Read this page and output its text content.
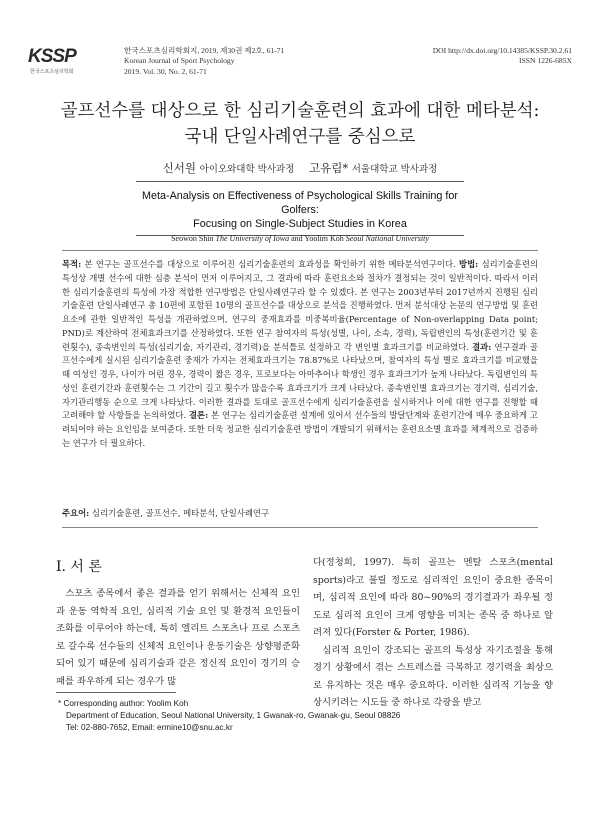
KSSP
한국스포츠심리학회
한국스포츠심리학회지, 2019, 제30권 제2호, 61-71
Korean Journal of Sport Psychology
2019. Vol. 30, No. 2, 61-71
DOI http://dx.doi.org/10.14385/KSSP.30.2.61
ISSN 1226-685X
골프선수를 대상으로 한 심리기술훈련의 효과에 대한 메타분석:
국내 단일사례연구를 중심으로
신서원 아이오와대학 박사과정 고유림* 서울대학교 박사과정
Meta-Analysis on Effectiveness of Psychological Skills Training for Golfers:
Focusing on Single-Subject Studies in Korea
Seowon Shin The University of Iowa and Yoolim Koh Seoul National University
목적: 본 연구는 골프선수를 대상으로 이루어진 심리기술훈련의 효과성을 확인하기 위한 메타분석연구이다. 방법: 심리기술훈련의 특성상 개별 선수에 대한 심층 분석이 먼저 이루어지고, 그 결과에 따라 훈련요소와 절차가 결정되는 것이 일반적이다. 따라서 이러한 심리기술훈련의 특성에 가장 적합한 연구방법은 단일사례연구라 할 수 있겠다. 본 연구는 2003년부터 2017년까지 진행된 심리기술훈련 단일사례연구 총 10편에 포함된 10명의 골프선수를 대상으로 분석을 진행하였다. 먼저 분석대상 논문의 연구방법 및 훈련요소에 관한 일반적인 특성을 개관하였으며, 연구의 중재효과를 비중복비율(Percentage of Non-overlapping Data point; PND)로 계산하여 전체효과크기를 산정하였다. 또한 연구 참여자의 특성(성별, 나이, 소속, 경력), 독립변인의 특성(훈련기간 및 훈련횟수), 종속변인의 특성(심리기술, 자기관리, 경기력)을 분석틀로 설정하고 각 변인별 효과크기를 비교하였다. 결과: 연구결과 골프선수에게 실시된 심리기술훈련 중재가 가지는 전체효과크기는 78.87%로 나타났으며, 참여자의 특성 별로 효과크기를 비교했을 때 여성인 경우, 나이가 어린 경우, 경력이 짧은 경우, 프로보다는 아마추어나 학생인 경우 효과크기가 높게 나타났다. 독립변인의 특성인 훈련기간과 훈련횟수는 그 기간이 길고 횟수가 많을수록 효과크기가 크게 나타났다. 종속변인별 효과크기는 경기력, 심리기술, 자기관리행동 순으로 크게 나타났다. 이러한 결과를 토대로 골프선수에게 심리기술훈련을 실시하거나 이에 대한 연구를 진행할 때 고려해야 할 사항들을 논의하였다. 결론: 본 연구는 심리기술훈련 설계에 있어서 선수들의 발달단계와 훈련기간에 매우 중요하게 고려되어야 하는 요인임을 보여준다. 또한 더욱 정교한 심리기술훈련 방법이 개발되기 위해서는 훈련요소별 효과를 체계적으로 검증하는 연구가 더 필요하다.
주요어: 심리기술훈련, 골프선수, 메타분석, 단일사례연구
I. 서 론

스포츠 종목에서 좋은 결과를 얻기 위해서는 신체적 요인과 운동 역학적 요인, 심리적 기술 요인 및 환경적 요인들이 조화를 이루어야 하는데, 특히 엘리트 스포츠나 프로 스포츠로 갈수록 선수들의 신체적 요인이나 운동기술은 상향평준화되어 있기 때문에 심리기술과 같은 정신적 요인이 경기의 승패를 좌우하게 되는 경우가 많

다(정청희, 1997). 특히 골프는 멘탈 스포츠(mental sports)라고 불릴 정도로 심리적인 요인이 중요한 종목이며, 심리적 요인에 따라 80~90%의 경기결과가 좌우될 정도로 심리적 요인이 크게 영향을 미치는 종목 중 하나로 알려져 있다(Forster & Porter, 1986).

심리적 요인이 강조되는 골프의 특성상 자기조절을 통해 경기 상황에서 겪는 스트레스를 극복하고 경기력을 최상으로 유지하는 것은 매우 중요하다. 이러한 심리적 기능을 향상시키려는 시도들 중 하나로 각광을 받고

* Corresponding author: Yoolim Koh
Department of Education, Seoul National University, 1 Gwanak-ro, Gwanak-gu, Seoul 08826
Tel: 02-880-7652, Email: ermine10@snu.ac.kr
